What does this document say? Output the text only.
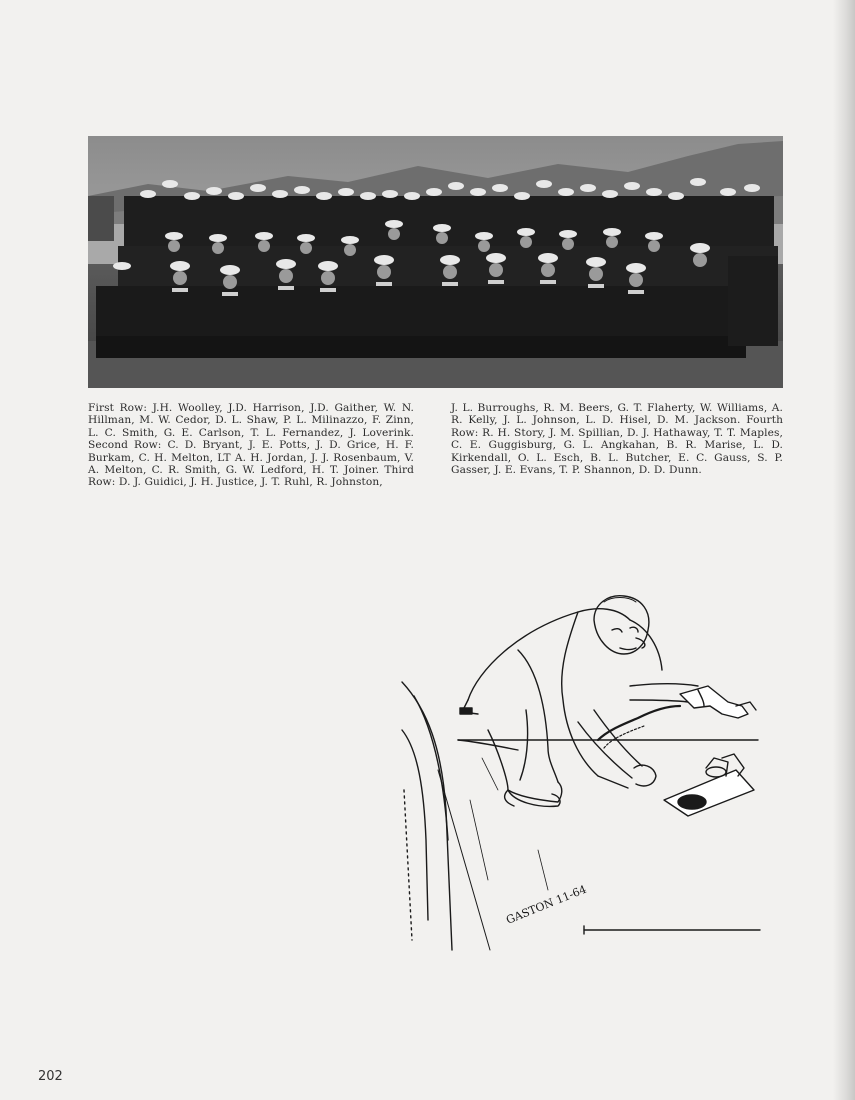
First Row: J.H. Woolley, J.D. Harrison, J.D. Gaither, W. N. Hillman, M. W. Cedor, D. L. Shaw, P. L. Milinazzo, F. Zinn, L. C. Smith, G. E. Carlson, T. L. Fernandez, J. Loverink. Second Row: C. D. Bryant, J. E. Potts, J. D. Grice, H. F. Burkam, C. H. Melton, LT A. H. Jordan, J. J. Rosenbaum, V. A. Melton, C. R. Smith, G. W. Ledford, H. T. Joiner. Third Row: D. J. Guidici, J. H. Justice, J. T. Ruhl, R. Johnston,
J. L. Burroughs, R. M. Beers, G. T. Flaherty, W. Williams, A. R. Kelly, J. L. Johnson, L. D. Hisel, D. M. Jackson. Fourth Row: R. H. Story, J. M. Spillian, D. J. Hathaway, T. T. Maples, C. E. Guggisburg, G. L. Angkahan, B. R. Marise, L. D. Kirkendall, O. L. Esch, B. L. Butcher, E. C. Gauss, S. P. Gasser, J. E. Evans, T. P. Shannon, D. D. Dunn.
GASTON 11-64
202
